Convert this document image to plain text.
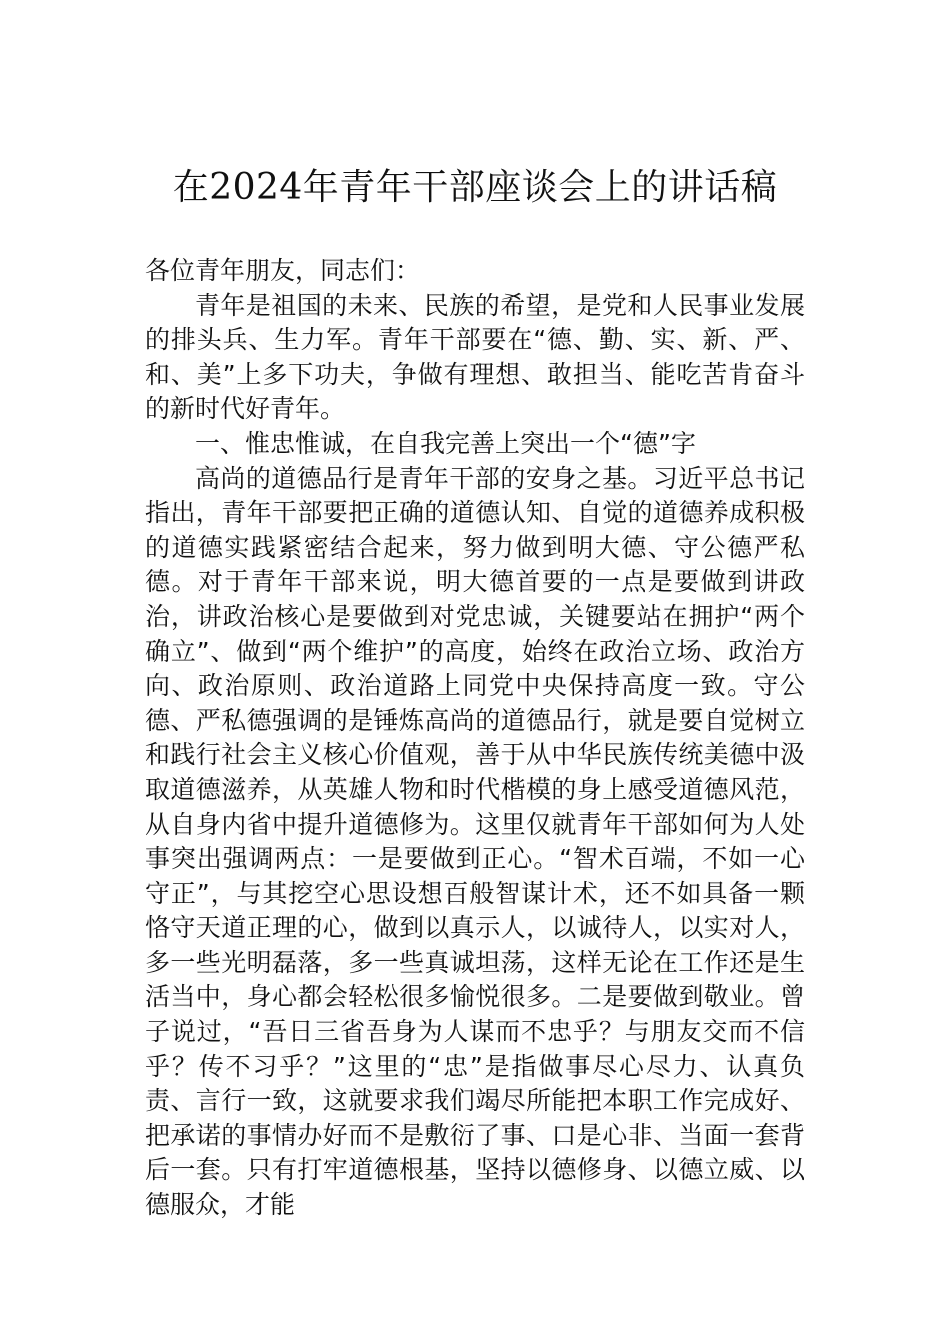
在2024年青年干部座谈会上的讲话稿

各位青年朋友，同志们：

青年是祖国的未来、民族的希望，是党和人民事业发展的排头兵、生力军。青年干部要在“德、勤、实、新、严、和、美”上多下功夫，争做有理想、敢担当、能吃苦肯奋斗的新时代好青年。

一、惟忠惟诚，在自我完善上突出一个“德”字

高尚的道德品行是青年干部的安身之基。习近平总书记指出，青年干部要把正确的道德认知、自觉的道德养成积极的道德实践紧密结合起来，努力做到明大德、守公德严私德。对于青年干部来说，明大德首要的一点是要做到讲政治，讲政治核心是要做到对党忠诚，关键要站在拥护“两个确立”、做到“两个维护”的高度，始终在政治立场、政治方向、政治原则、政治道路上同党中央保持高度一致。守公德、严私德强调的是锤炼高尚的道德品行，就是要自觉树立和践行社会主义核心价值观，善于从中华民族传统美德中汲取道德滋养，从英雄人物和时代楷模的身上感受道德风范，从自身内省中提升道德修为。这里仅就青年干部如何为人处事突出强调两点：一是要做到正心。“智术百端，不如一心守正”，与其挖空心思设想百般智谋计术，还不如具备一颗恪守天道正理的心，做到以真示人，以诚待人，以实对人，多一些光明磊落，多一些真诚坦荡，这样无论在工作还是生活当中，身心都会轻松很多愉悦很多。二是要做到敬业。曾子说过，“吾日三省吾身为人谋而不忠乎？与朋友交而不信乎？传不习乎？”这里的“忠”是指做事尽心尽力、认真负责、言行一致，这就要求我们竭尽所能把本职工作完成好、把承诺的事情办好而不是敷衍了事、口是心非、当面一套背后一套。只有打牢道德根基，坚持以德修身、以德立威、以德服众，才能
